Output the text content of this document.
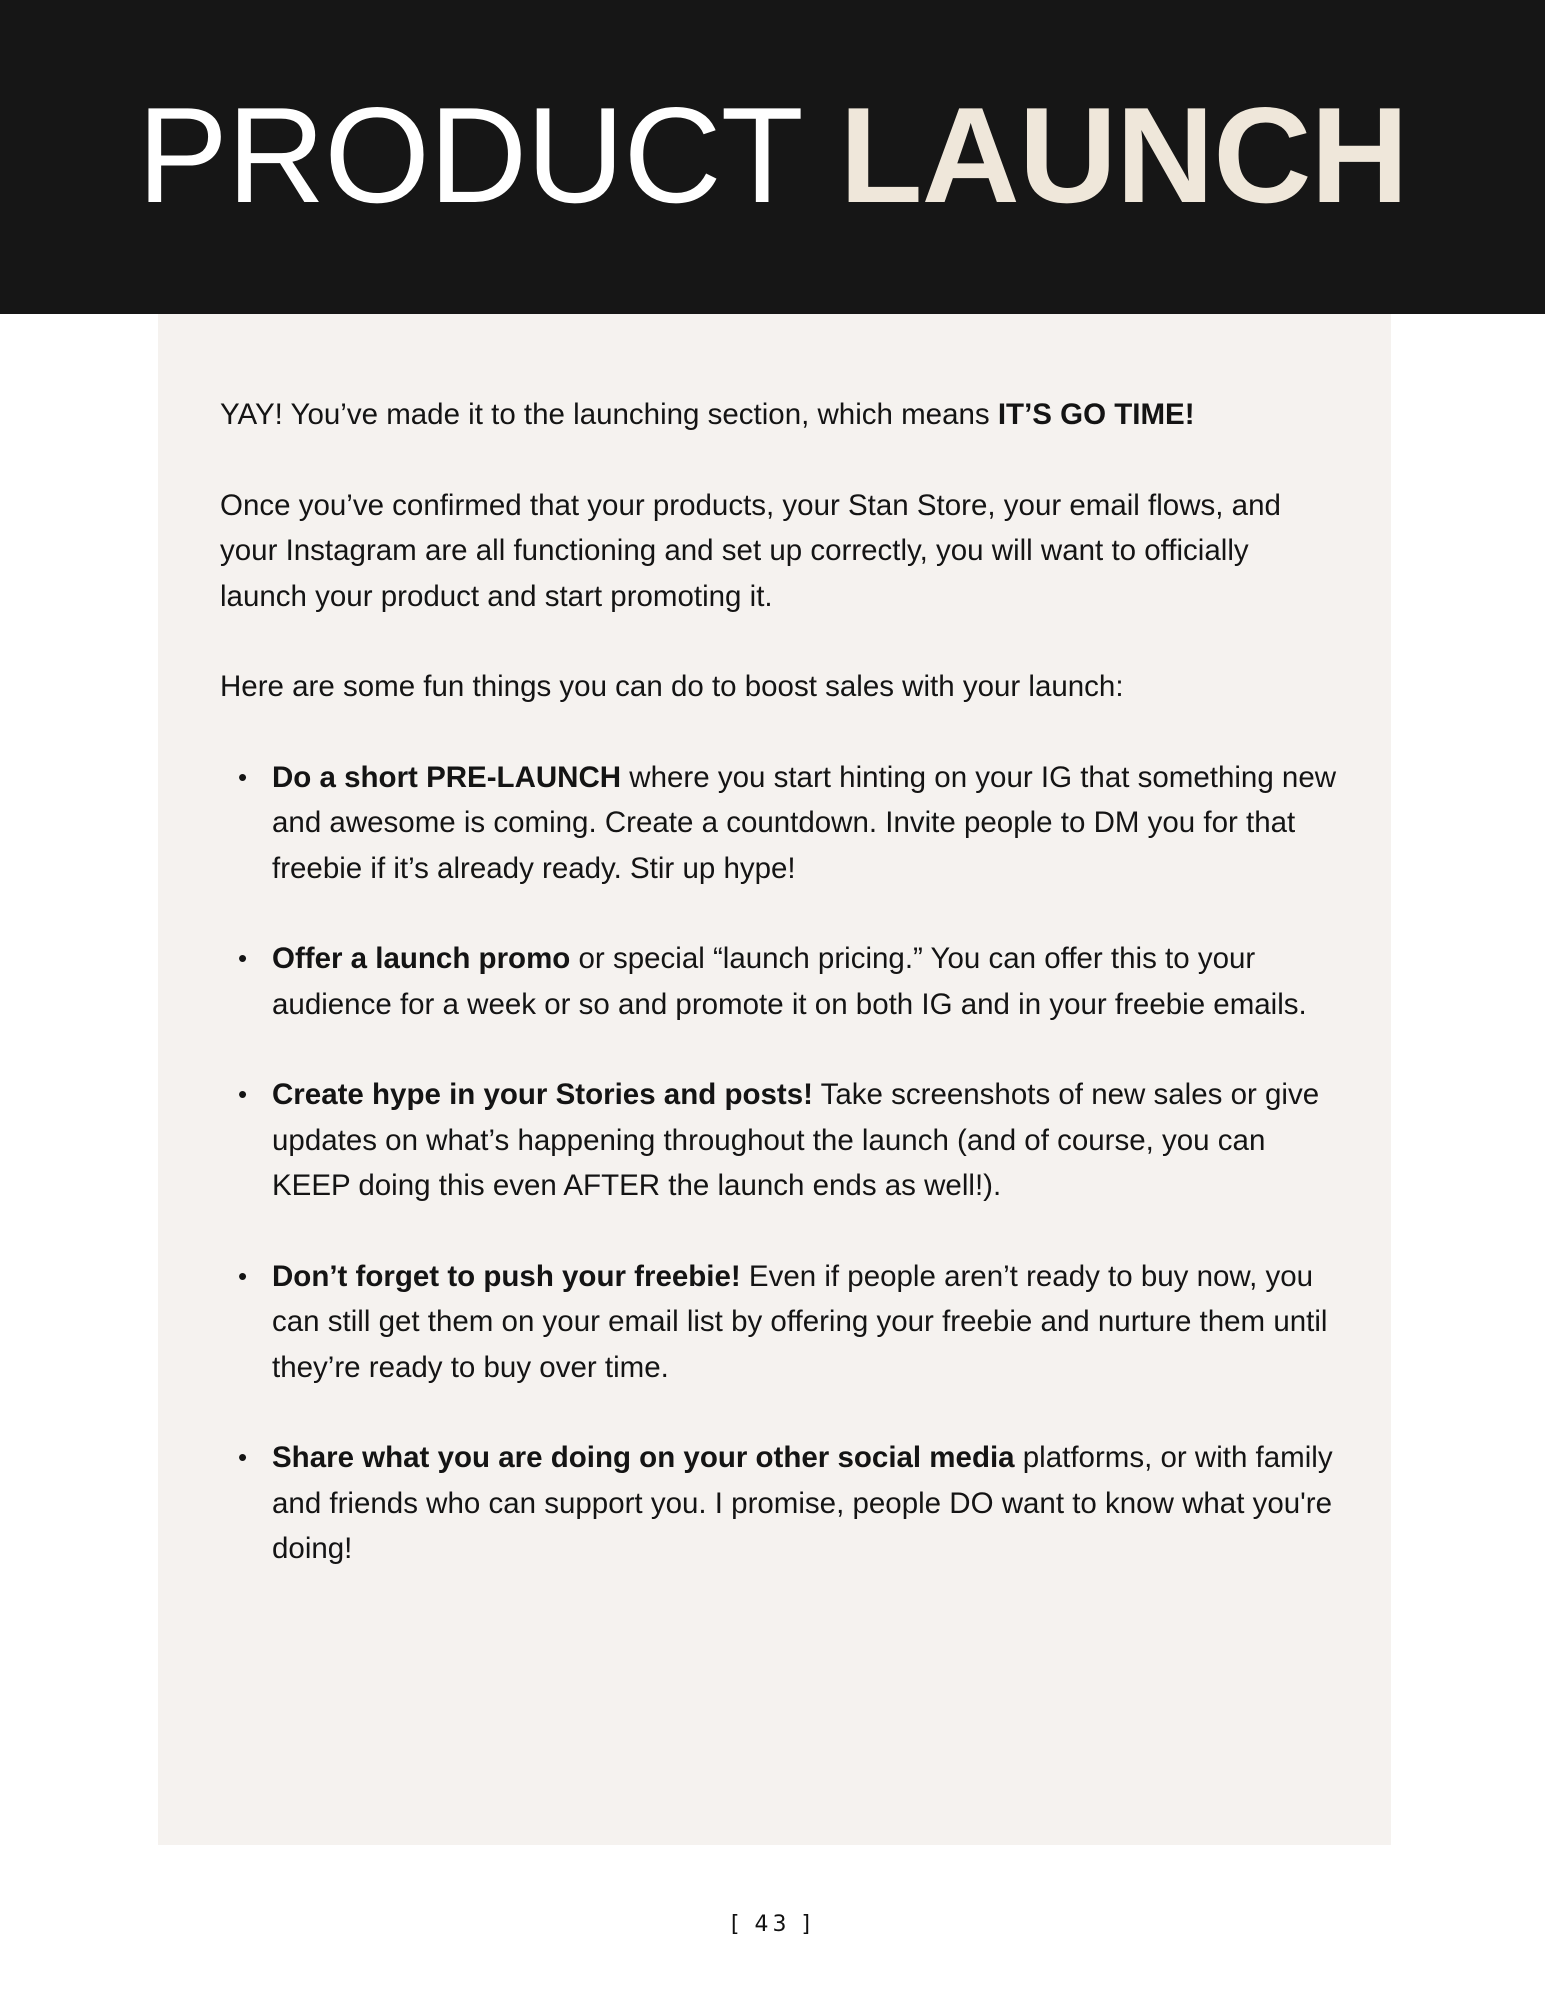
PRODUCT LAUNCH

YAY! You’ve made it to the launching section, which means IT’S GO TIME!

Once you’ve confirmed that your products, your Stan Store, your email flows, and your Instagram are all functioning and set up correctly, you will want to officially launch your product and start promoting it.

Here are some fun things you can do to boost sales with your launch:

• Do a short PRE-LAUNCH where you start hinting on your IG that something new and awesome is coming. Create a countdown. Invite people to DM you for that freebie if it’s already ready. Stir up hype!
• Offer a launch promo or special “launch pricing.” You can offer this to your audience for a week or so and promote it on both IG and in your freebie emails.
• Create hype in your Stories and posts! Take screenshots of new sales or give updates on what’s happening throughout the launch (and of course, you can KEEP doing this even AFTER the launch ends as well!).
• Don’t forget to push your freebie! Even if people aren’t ready to buy now, you can still get them on your email list by offering your freebie and nurture them until they’re ready to buy over time.
• Share what you are doing on your other social media platforms, or with family and friends who can support you. I promise, people DO want to know what you're doing!
[ 43 ]
